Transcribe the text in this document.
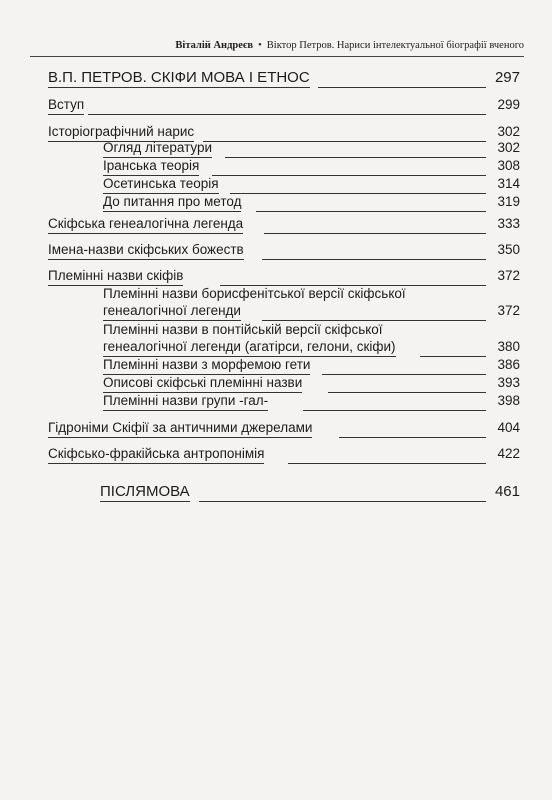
Віталій Андреєв • Віктор Петров. Нариси інтелектуальної біографії вченого
В.П. ПЕТРОВ. СКІФИ МОВА І ЕТНОС	297
Вступ	299
Історіографічний нарис	302
Огляд літератури	302
Іранська теорія	308
Осетинська теорія	314
До питання про метод	319
Скіфська генеалогічна легенда	333
Імена-назви скіфських божеств	350
Племінні назви скіфів	372
Племінні назви борисфенітської версії скіфської
генеалогічної легенди	372
Племінні назви в понтійській версії скіфської
генеалогічної легенди (агатірси, гелони, скіфи)	380
Племінні назви з морфемою гети	386
Описові скіфські племінні назви	393
Племінні назви групи -гал-	398
Гідроніми Скіфії за античними джерелами	404
Скіфсько-фракійська антропонімія	422
ПІСЛЯМОВА	461
